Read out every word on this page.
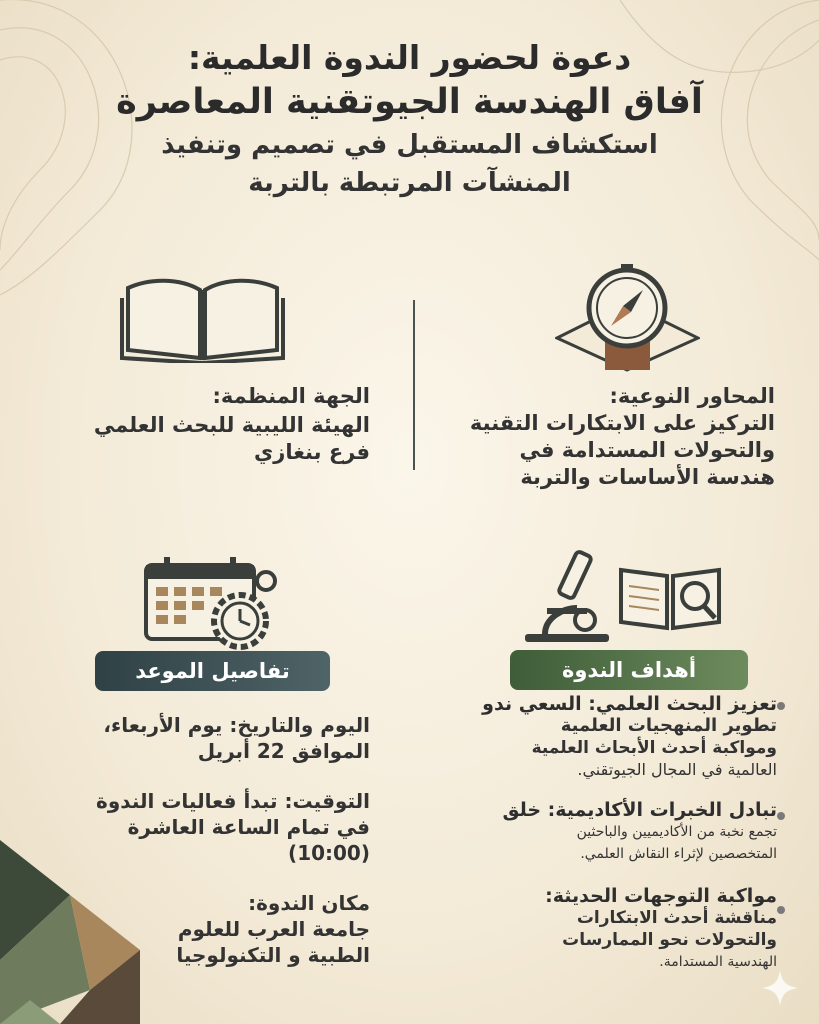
دعوة لحضور الندوة العلمية:
آفاق الهندسة الجيوتقنية المعاصرة
استكشاف المستقبل في تصميم وتنفيذ
المنشآت المرتبطة بالتربة
الجهة المنظمة:
الهيئة الليبية للبحث العلمي
فرع بنغازي
المحاور النوعية:
التركيز على الابتكارات التقنية
والتحولات المستدامة في
هندسة الأساسات والتربة
تفاصيل الموعد	أهداف الندوة
اليوم والتاريخ: يوم الأربعاء،
الموافق 22 أبريل
التوقيت: تبدأ فعاليات الندوة
في تمام الساعة العاشرة
(10:00)
مكان الندوة:
جامعة العرب للعلوم
الطبية و التكنولوجيا
تعزيز البحث العلمي: السعي ندو
تطوير المنهجيات العلمية
ومواكبة أحدث الأبحاث العلمية
العالمية في المجال الجيوتقني.
تبادل الخبرات الأكاديمية: خلق
تجمع نخبة من الأكاديميين والباحثين
المتخصصين لإثراء النقاش العلمي.
مواكبة التوجهات الحديثة:
مناقشة أحدث الابتكارات
والتحولات نحو الممارسات
الهندسية المستدامة.
